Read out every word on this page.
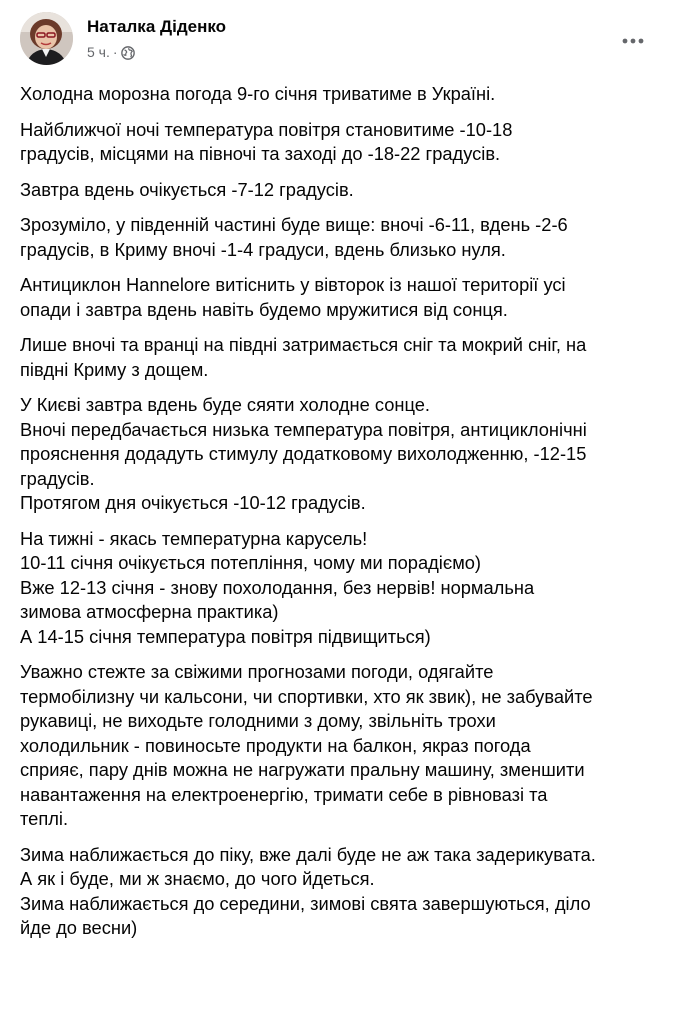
Наталка Діденко
5 ч. ·

Холодна морозна погода 9-го січня триватиме в Україні.

Найближчої ночі температура повітря становитиме -10-18
градусів, місцями на півночі та заході до -18-22 градусів.

Завтра вдень очікується -7-12 градусів.

Зрозуміло, у південній частині буде вище: вночі -6-11, вдень -2-6
градусів, в Криму вночі -1-4 градуси, вдень близько нуля.

Антициклон Hannelore витіснить у вівторок із нашої території усі
опади і завтра вдень навіть будемо мружитися від сонця.

Лише вночі та вранці на півдні затримається сніг та мокрий сніг, на
півдні Криму з дощем.

У Києві завтра вдень буде сяяти холодне сонце.
Вночі передбачається низька температура повітря, антициклонічні
прояснення додадуть стимулу додатковому вихолодженню, -12-15
градусів.
Протягом дня очікується -10-12 градусів.

На тижні - якась температурна карусель!
10-11 січня очікується потепління, чому ми порадіємо)
Вже 12-13 січня - знову похолодання, без нервів! нормальна
зимова атмосферна практика)
А 14-15 січня температура повітря підвищиться)

Уважно стежте за свіжими прогнозами погоди, одягайте
термобілизну чи кальсони, чи спортивки, хто як звик), не забувайте
рукавиці, не виходьте голодними з дому, звільніть трохи
холодильник - повиносьте продукти на балкон, якраз погода
сприяє, пару днів можна не нагружати пральну машину, зменшити
навантаження на електроенергію, тримати себе в рівновазі та
теплі.

Зима наближається до піку, вже далі буде не аж така задерикувата.
А як і буде, ми ж знаємо, до чого йдеться.
Зима наближається до середини, зимові свята завершуються, діло
йде до весни)
